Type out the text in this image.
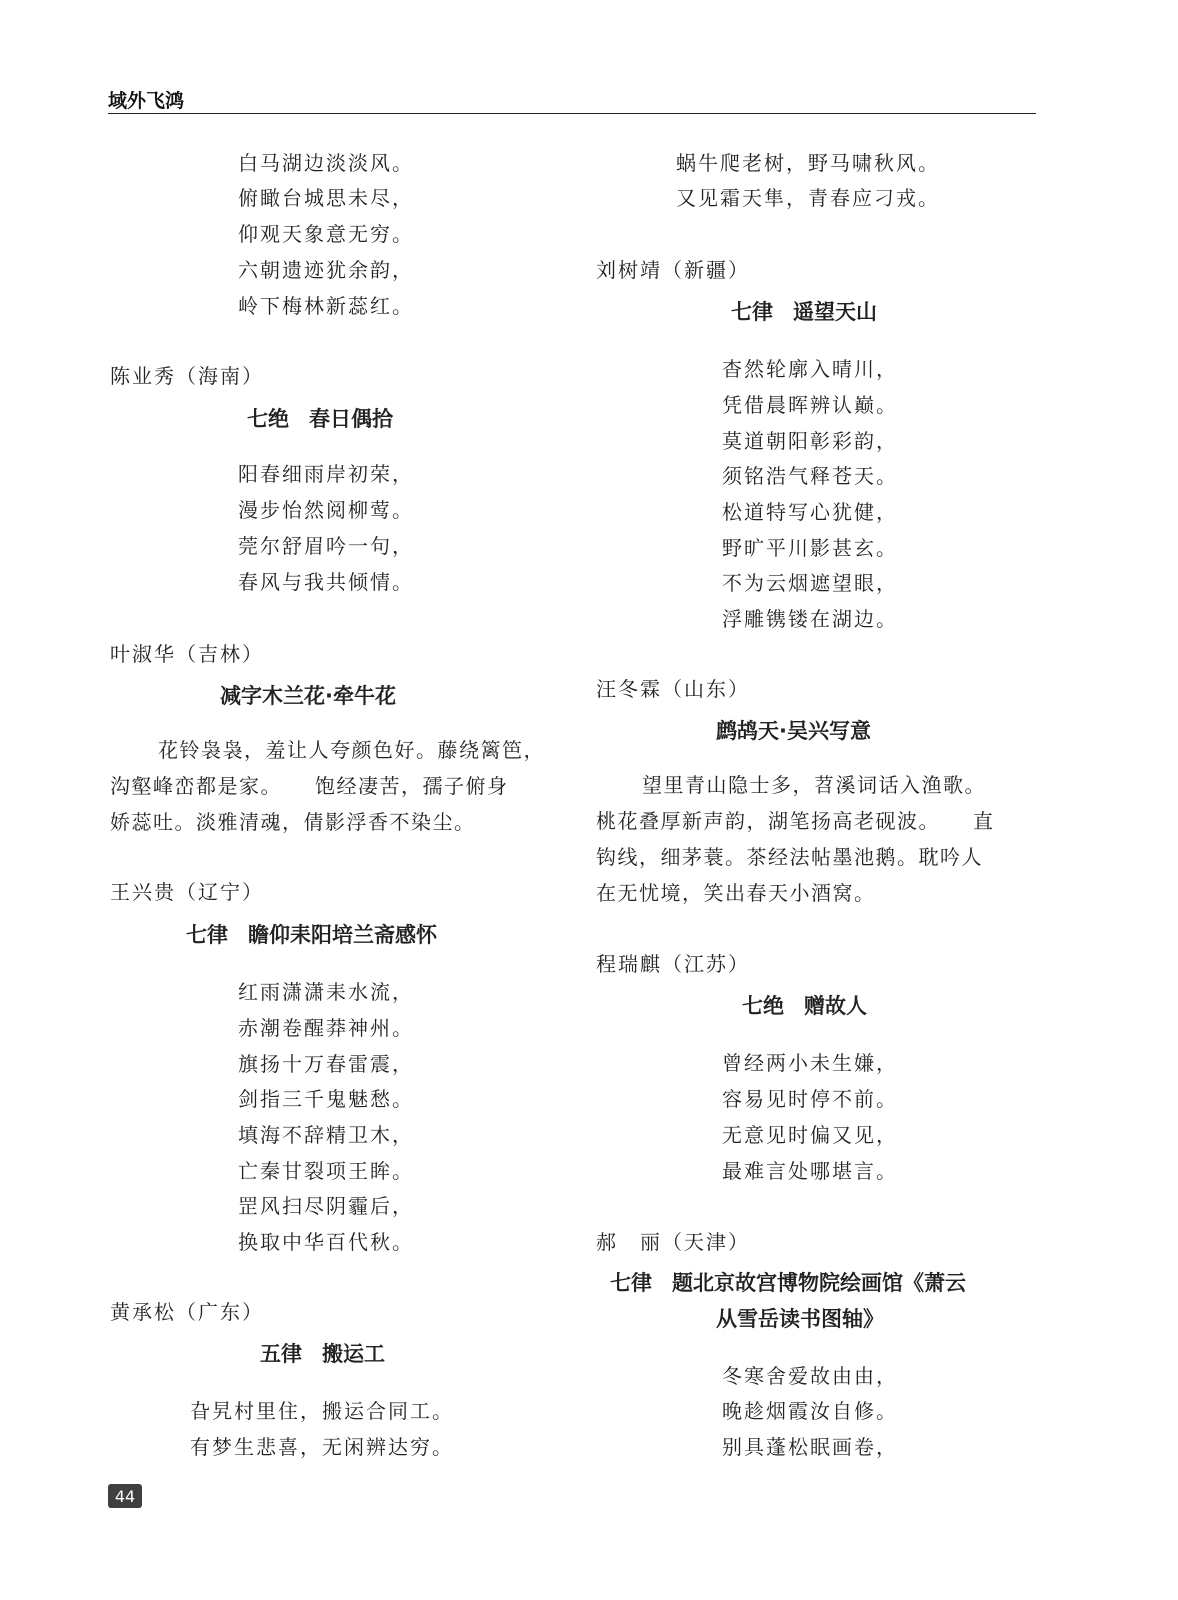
域外飞鸿
白马湖边淡淡风。
俯瞰台城思未尽，
仰观天象意无穷。
六朝遗迹犹余韵，
岭下梅林新蕊红。
陈业秀（海南）
七绝 春日偶拾
阳春细雨岸初荣，
漫步怡然阅柳莺。
莞尔舒眉吟一句，
春风与我共倾情。
叶淑华（吉林）
减字木兰花·牵牛花
花铃袅袅，羞让人夸颜色好。藤绕篱笆，
沟壑峰峦都是家。　　饱经凄苦，孺子俯身
娇蕊吐。淡雅清魂，倩影浮香不染尘。
王兴贵（辽宁）
七律 瞻仰耒阳培兰斋感怀
红雨潇潇耒水流，
赤潮卷醒莽神州。
旗扬十万春雷震，
剑指三千鬼魅愁。
填海不辞精卫木，
亡秦甘裂项王眸。
罡风扫尽阴霾后，
换取中华百代秋。
黄承松（广东）
五律 搬运工
旮旯村里住，搬运合同工。
有梦生悲喜，无闲辨达穷。
44
蜗牛爬老树，野马啸秋风。
又见霜天隼，青春应刁戎。
刘树靖（新疆）
七律 遥望天山
杳然轮廓入晴川，
凭借晨晖辨认巅。
莫道朝阳彰彩韵，
须铭浩气释苍天。
松道特写心犹健，
野旷平川影甚玄。
不为云烟遮望眼，
浮雕镌镂在湖边。
汪冬霖（山东）
鹧鸪天·吴兴写意
望里青山隐士多，苕溪词话入渔歌。
桃花叠厚新声韵，湖笔扬高老砚波。　　直
钩线，细茅蓑。茶经法帖墨池鹅。耽吟人
在无忧境，笑出春天小酒窝。
程瑞麒（江苏）
七绝 赠故人
曾经两小未生嫌，
容易见时停不前。
无意见时偏又见，
最难言处哪堪言。
郝　丽（天津）
七律 题北京故宫博物院绘画馆《萧云
从雪岳读书图轴》
冬寒舍爱故由由，
晚趁烟霞汝自修。
别具蓬松眠画卷，
